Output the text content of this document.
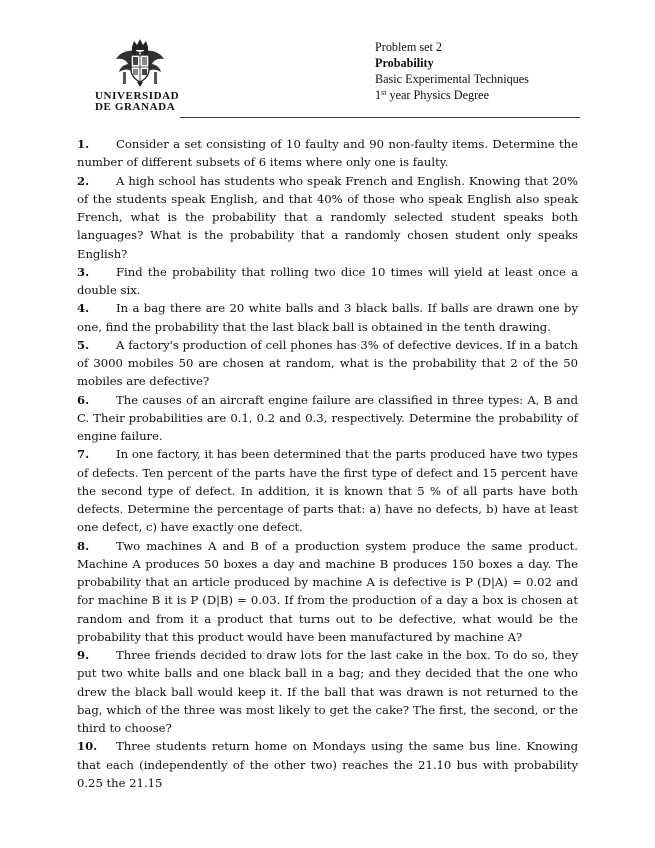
UNIVERSIDAD
DE GRANADA
Problem set 2
Probability
Basic Experimental Techniques
1st year Physics Degree

1. Consider a set consisting of 10 faulty and 90 non-faulty items. Determine the number of different subsets of 6 items where only one is faulty.

2. A high school has students who speak French and English. Knowing that 20% of the students speak English, and that 40% of those who speak English also speak French, what is the probability that a randomly selected student speaks both languages? What is the probability that a randomly chosen student only speaks English?

3. Find the probability that rolling two dice 10 times will yield at least once a double six.

4. In a bag there are 20 white balls and 3 black balls. If balls are drawn one by one, find the probability that the last black ball is obtained in the tenth drawing.

5. A factory's production of cell phones has 3% of defective devices. If in a batch of 3000 mobiles 50 are chosen at random, what is the probability that 2 of the 50 mobiles are defective?

6. The causes of an aircraft engine failure are classified in three types: A, B and C. Their probabilities are 0.1, 0.2 and 0.3, respectively. Determine the probability of engine failure.

7. In one factory, it has been determined that the parts produced have two types of defects. Ten percent of the parts have the first type of defect and 15 percent have the second type of defect. In addition, it is known that 5 % of all parts have both defects. Determine the percentage of parts that: a) have no defects, b) have at least one defect, c) have exactly one defect.

8. Two machines A and B of a production system produce the same product. Machine A produces 50 boxes a day and machine B produces 150 boxes a day. The probability that an article produced by machine A is defective is P (D|A) = 0.02 and for machine B it is P (D|B) = 0.03. If from the production of a day a box is chosen at random and from it a product that turns out to be defective, what would be the probability that this product would have been manufactured by machine A?

9. Three friends decided to draw lots for the last cake in the box. To do so, they put two white balls and one black ball in a bag; and they decided that the one who drew the black ball would keep it. If the ball that was drawn is not returned to the bag, which of the three was most likely to get the cake? The first, the second, or the third to choose?

10. Three students return home on Mondays using the same bus line. Knowing that each (independently of the other two) reaches the 21.10 bus with probability 0.25 the 21.15
